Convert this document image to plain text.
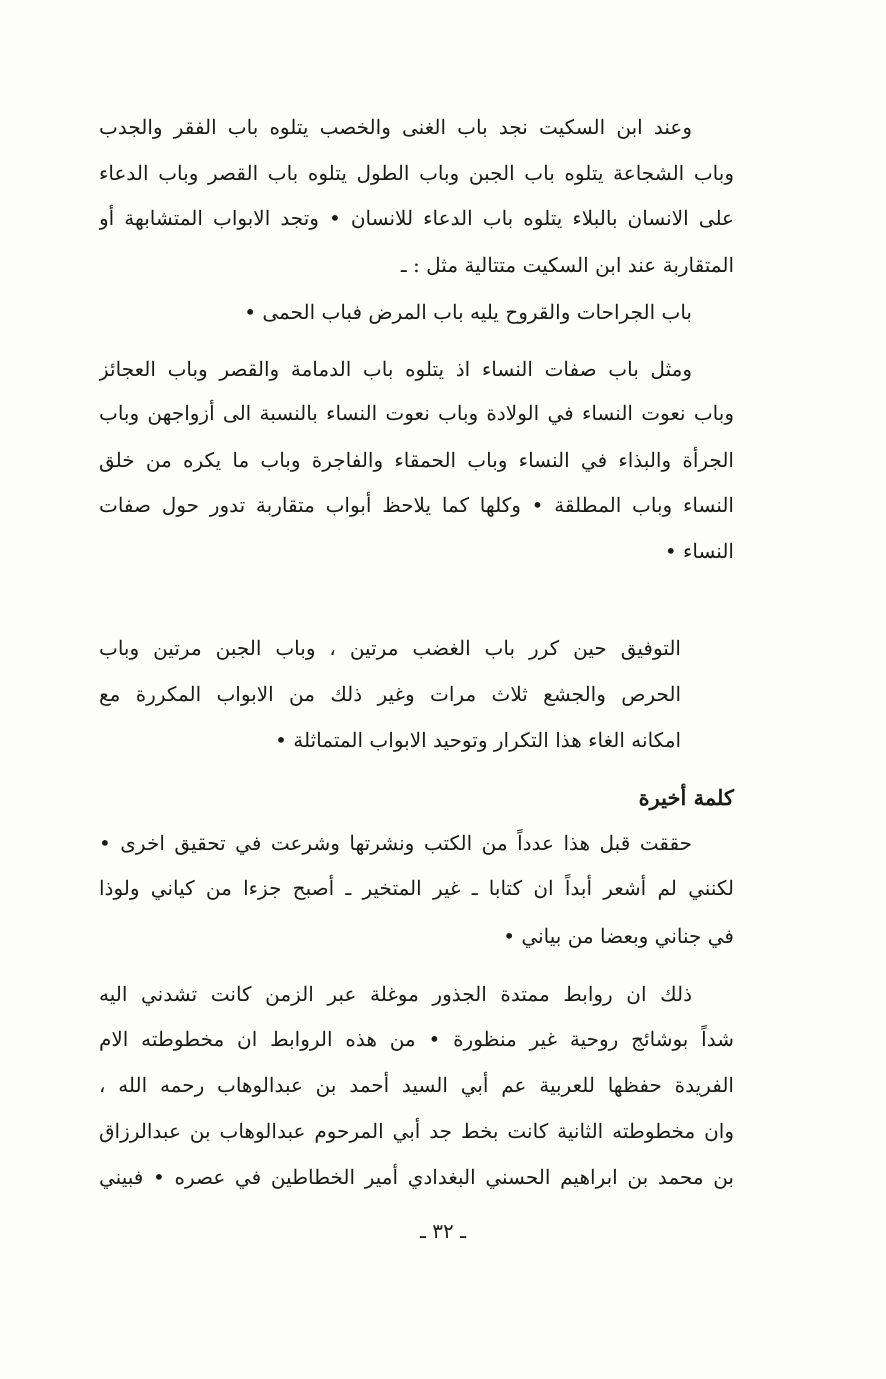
وعند ابن السكيت نجد باب الغنى والخصب يتلوه باب الفقر والجدب
وباب الشجاعة يتلوه باب الجبن وباب الطول يتلوه باب القصر وباب الدعاء
على الانسان بالبلاء يتلوه باب الدعاء للانسان • وتجد الابواب المتشابهة أو
المتقاربة عند ابن السكيت متتالية مثل : ـ
باب الجراحات والقروح يليه باب المرض فباب الحمى •
ومثل باب صفات النساء اذ يتلوه باب الدمامة والقصر وباب العجائز
وباب نعوت النساء في الولادة وباب نعوت النساء بالنسبة الى أزواجهن وباب
الجرأة والبذاء في النساء وباب الحمقاء والفاجرة وباب ما يكره من خلق
النساء وباب المطلقة • وكلها كما يلاحظ أبواب متقاربة تدور حول صفات
النساء •
التوفيق حين كرر باب الغضب مرتين ، وباب الجبن مرتين وباب
الحرص والجشع ثلاث مرات وغير ذلك من الابواب المكررة مع
امكانه الغاء هذا التكرار وتوحيد الابواب المتماثلة •
كلمة أخيرة
حققت قبل هذا عدداً من الكتب ونشرتها وشرعت في تحقيق اخرى •
لكنني لم أشعر أبداً ان كتابا ـ غير المتخير ـ أصبح جزءا من كياني ولوذا
في جناني وبعضا من بياني •
ذلك ان روابط ممتدة الجذور موغلة عبر الزمن كانت تشدني اليه
شداً بوشائج روحية غير منظورة • من هذه الروابط ان مخطوطته الام
الفريدة حفظها للعربية عم أبي السيد أحمد بن عبدالوهاب رحمه الله ،
وان مخطوطته الثانية كانت بخط جد أبي المرحوم عبدالوهاب بن عبدالرزاق
بن محمد بن ابراهيم الحسني البغدادي أمير الخطاطين في عصره • فبيني
ـ ٣٢ ـ
